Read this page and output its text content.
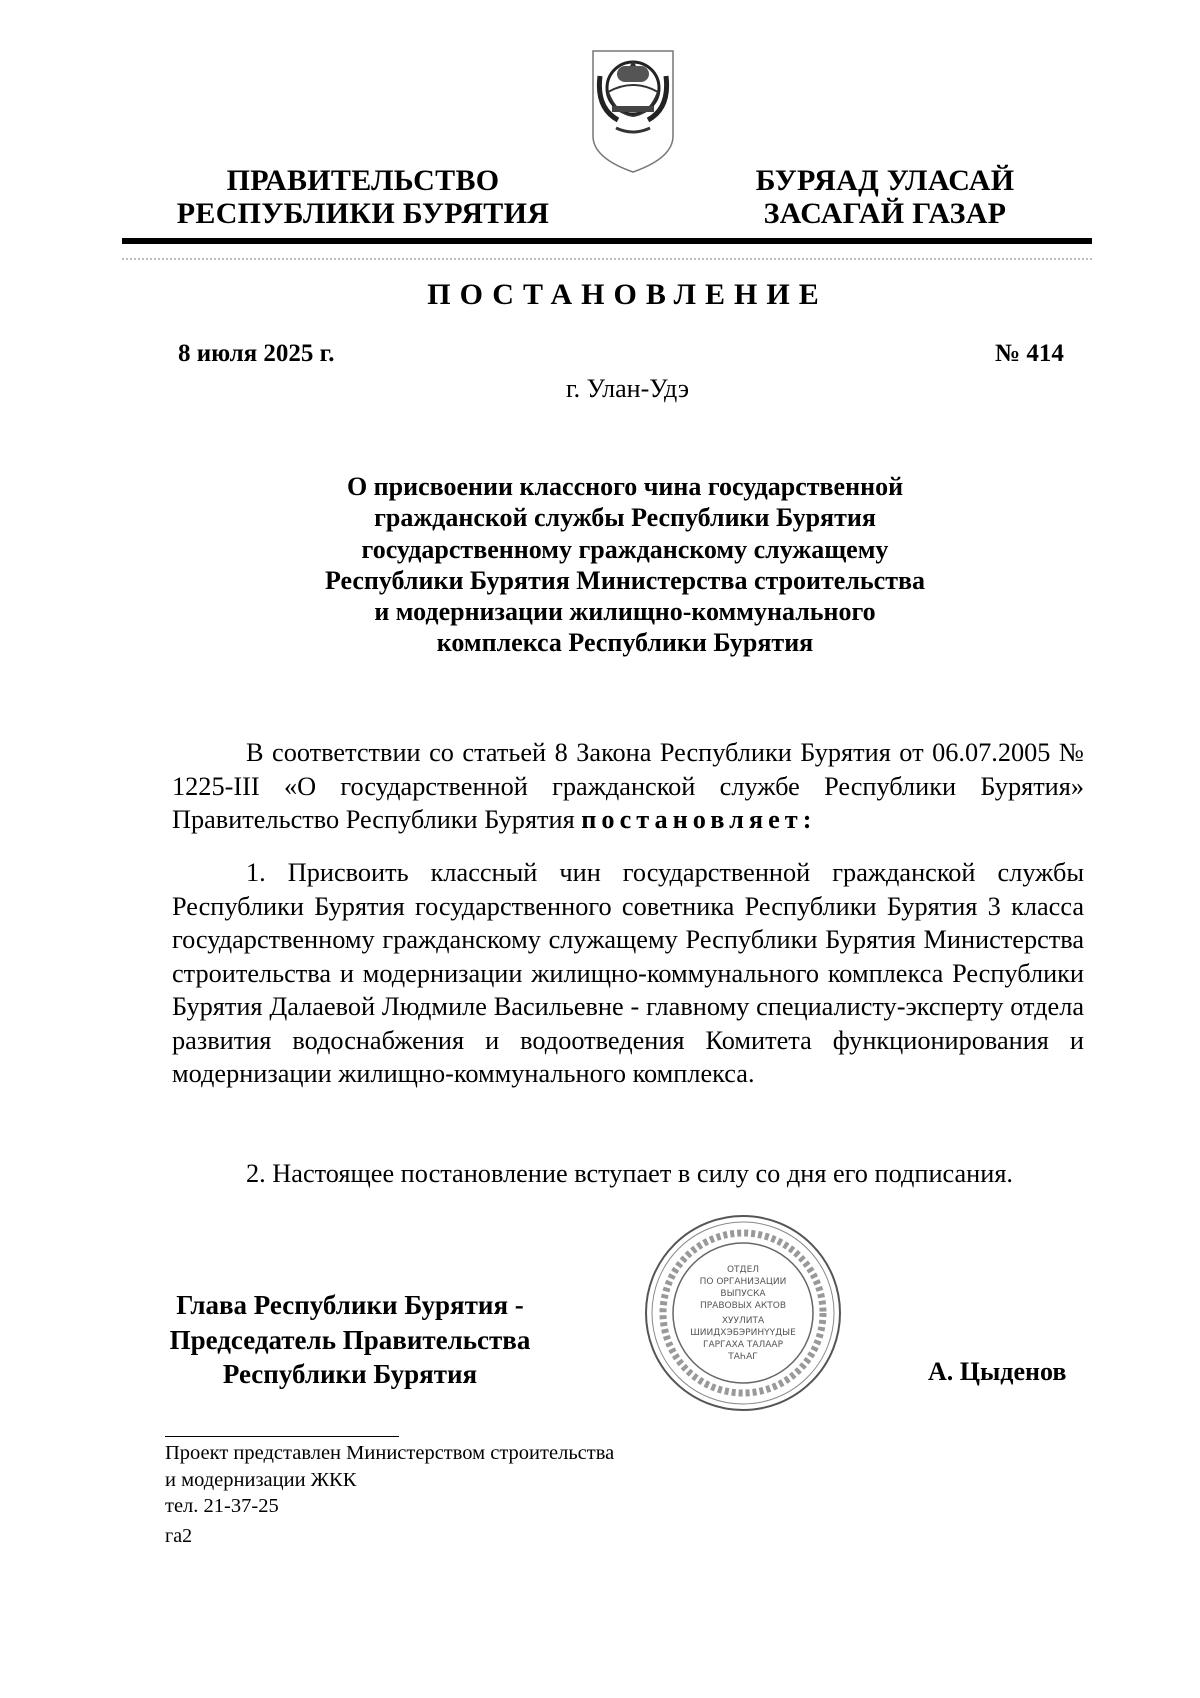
ПРАВИТЕЛЬСТВО
РЕСПУБЛИКИ БУРЯТИЯ
БУРЯАД УЛАСАЙ
ЗАСАГАЙ ГАЗАР
ПОСТАНОВЛЕНИЕ
8 июля 2025 г.	№ 414
г. Улан-Удэ
О присвоении классного чина государственной
гражданской службы Республики Бурятия
государственному гражданскому служащему
Республики Бурятия Министерства строительства
и модернизации жилищно-коммунального
комплекса Республики Бурятия
В соответствии со статьей 8 Закона Республики Бурятия от 06.07.2005 № 1225-III «О государственной гражданской службе Республики Бурятия» Правительство Республики Бурятия постановляет:
1. Присвоить классный чин государственной гражданской службы Республики Бурятия государственного советника Республики Бурятия 3 класса государственному гражданскому служащему Республики Бурятия Министерства строительства и модернизации жилищно-коммунального комплекса Республики Бурятия Далаевой Людмиле Васильевне - главному специалисту-эксперту отдела развития водоснабжения и водоотведения Комитета функционирования и модернизации жилищно-коммунального комплекса.
2. Настоящее постановление вступает в силу со дня его подписания.
Глава Республики Бурятия -
Председатель Правительства
Республики Бурятия
ОТДЕЛ
ПО ОРГАНИЗАЦИИ
ВЫПУСКА
ПРАВОВЫХ АКТОВ
ХУУЛИТА
ШИИДХЭБЭРИНҮҮДЫЕ
ГАРГАХА ТАЛААР
ТАҺАГ	А. Цыденов
Проект представлен Министерством строительства
и модернизации ЖКК
тел. 21-37-25
га2
